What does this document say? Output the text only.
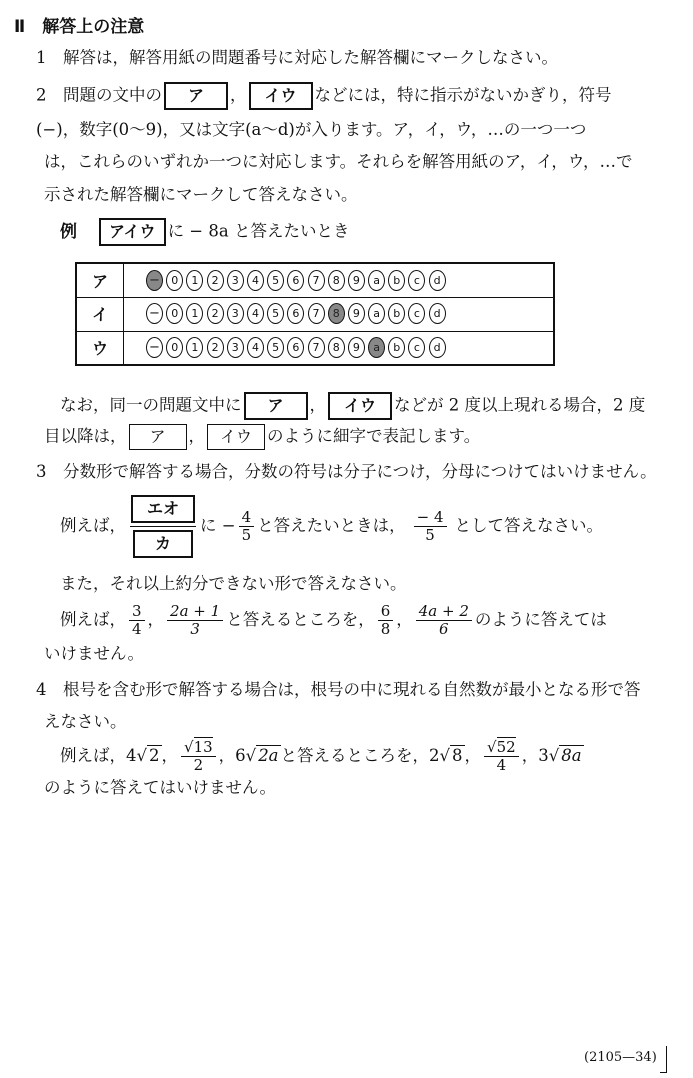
Ⅱ　解答上の注意
1　解答は，解答用紙の問題番号に対応した解答欄にマークしなさい。
2　問題の文中の ア ， イウ などには，特に指示がないかぎり，符号
(−)，数字(0～9)，又は文字(a～d)が入ります。ア，イ，ウ，…の一つ一つ
は，これらのいずれか一つに対応します。それらを解答用紙のア，イ，ウ，…で
示された解答欄にマークして答えなさい。
例 アイウ に − 8a と答えたいとき
ア	−	0	1	2	3	4	5	6	7	8	9	a	b	c	d
イ	−	0	1	2	3	4	5	6	7	8	9	a	b	c	d
ウ	−	0	1	2	3	4	5	6	7	8	9	a	b	c	d
なお，同一の問題文中に ア ， イウ などが 2 度以上現れる場合，2 度
目以降は， ア ， イウ のように細字で表記します。
3　分数形で解答する場合，分数の符号は分子につけ，分母につけてはいけません。
例えば，
エオ
カ
に − $\frac{4}{5}$ と答えたいときは， $\frac{- 4}{5}$ として答えなさい。
また，それ以上約分できない形で答えなさい。
例えば， $\frac{3}{4}$ ， $\frac{2a + 1}{3}$ と答えるところを， $\frac{6}{8}$ ， $\frac{4a + 2}{6}$ のように答えては
いけません。
4　根号を含む形で解答する場合は，根号の中に現れる自然数が最小となる形で答
えなさい。
例えば， 4 √ 2 ， $\frac{√13}{2}$ ， 6 √ 2a と答えるところを， 2 √ 8 ， $\frac{√52}{4}$ ， 3 √ 8a
のように答えてはいけません。
(2105—34)
